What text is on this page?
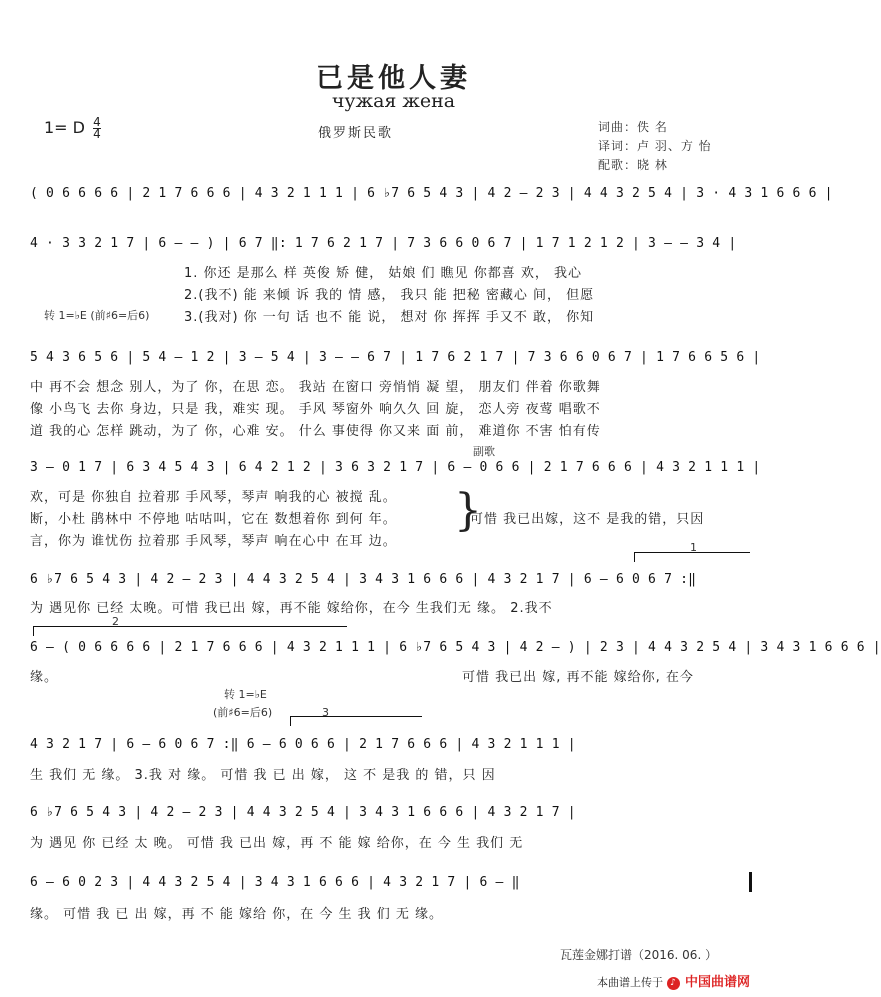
已是他人妻
чужая жена
1= D $\frac{4}{4}$	俄罗斯民歌	词曲：佚 名
译词：卢 羽、方 怡
配歌：晓 林
( 0 6 6 6 6 | 2 1 7 6 6 6 | 4 3 2 1 1 1 | 6 ♭7 6 5 4 3 | 4 2 – 2 3 | 4 4 3 2 5 4 | 3 · 4 3 1 6 6 6 |
4 · 3 3 2 1 7 | 6 – – ) | 6 7 ‖: 1 7 6 2 1 7 | 7 3 6 6 0 6 7 | 1 7 1 2 1 2 | 3 – – 3 4 |
1. 你还 是那么 样 英俊 矫 健， 姑娘 们 瞧见 你都喜 欢， 我心
2.(我不) 能 来倾 诉 我的 情 感， 我只 能 把秘 密藏心 间， 但愿
3.(我对) 你 一句 话 也不 能 说， 想对 你 挥挥 手又不 敢， 你知
转 1=♭E (前♯6=后6)
5 4 3 6 5 6 | 5 4 – 1 2 | 3 – 5 4 | 3 – – 6 7 | 1 7 6 2 1 7 | 7 3 6 6 0 6 7 | 1 7 6 6 5 6 |
中 再不会 想念 别人，为了 你，在思 恋。 我站 在窗口 旁悄悄 凝 望， 朋友们 伴着 你歌舞
像 小鸟飞 去你 身边，只是 我，难实 现。 手风 琴窗外 响久久 回 旋， 恋人旁 夜莺 唱歌不
道 我的心 怎样 跳动，为了 你，心难 安。 什么 事使得 你又来 面 前， 难道你 不害 怕有传
副歌
3 – 0 1 7 | 6 3 4 5 4 3 | 6 4 2 1 2 | 3 6 3 2 1 7 | 6 – 0 6 6 | 2 1 7 6 6 6 | 4 3 2 1 1 1 |
欢，可是 你独自 拉着那 手风琴，琴声 响我的心 被搅 乱。
断，小杜 鹃林中 不停地 咕咕叫，它在 数想着你 到何 年。
言，你为 谁忧伤 拉着那 手风琴，琴声 响在心中 在耳 边。
}
可惜 我已出嫁，这不 是我的错，只因
1
6 ♭7 6 5 4 3 | 4 2 – 2 3 | 4 4 3 2 5 4 | 3 4 3 1 6 6 6 | 4 3 2 1 7 | 6 – 6 0 6 7 :‖
为 遇见你 已经 太晚。可惜 我已出 嫁，再不能 嫁给你，在今 生我们无 缘。 2.我不
2
6 – ( 0 6 6 6 6 | 2 1 7 6 6 6 | 4 3 2 1 1 1 | 6 ♭7 6 5 4 3 | 4 2 – ) | 2 3 | 4 4 3 2 5 4 | 3 4 3 1 6 6 6 |
缘。	可惜 我已出 嫁, 再不能 嫁给你, 在今
转 1=♭E
(前♯6=后6)	3
4 3 2 1 7 | 6 – 6 0 6 7 :‖ 6 – 6 0 6 6 | 2 1 7 6 6 6 | 4 3 2 1 1 1 |
生 我们 无 缘。 3.我 对 缘。 可惜 我 已 出 嫁， 这 不 是我 的 错，只 因
6 ♭7 6 5 4 3 | 4 2 – 2 3 | 4 4 3 2 5 4 | 3 4 3 1 6 6 6 | 4 3 2 1 7 |
为 遇见 你 已经 太 晚。 可惜 我 已出 嫁，再 不 能 嫁 给你，在 今 生 我们 无
6 – 6 0 2 3 | 4 4 3 2 5 4 | 3 4 3 1 6 6 6 | 4 3 2 1 7 | 6 – ‖
缘。 可惜 我 已 出 嫁，再 不 能 嫁给 你，在 今 生 我 们 无 缘。
瓦莲金娜打谱（2016. 06. ）
本曲谱上传于 ♪ 中国曲谱网
